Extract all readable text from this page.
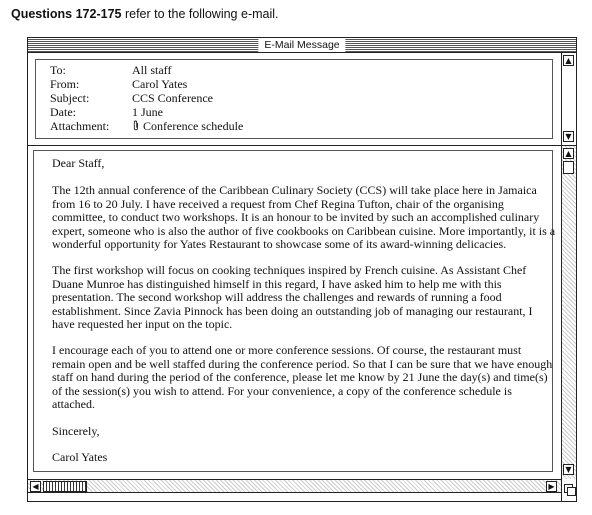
Questions 172-175 refer to the following e-mail.
E-Mail Message
To:	All staff
From:	Carol Yates
Subject:	CCS Conference
Date:	1 June
Attachment:	Conference schedule
▲
▼

Dear Staff,

The 12th annual conference of the Caribbean Culinary Society (CCS) will take place here in Jamaica from 16 to 20 July. I have received a request from Chef Regina Tufton, chair of the organising committee, to conduct two workshops. It is an honour to be invited by such an accomplished culinary expert, someone who is also the author of five cookbooks on Caribbean cuisine. More importantly, it is a wonderful opportunity for Yates Restaurant to showcase some of its award-winning delicacies.

The first workshop will focus on cooking techniques inspired by French cuisine. As Assistant Chef Duane Munroe has distinguished himself in this regard, I have asked him to help me with this presentation. The second workshop will address the challenges and rewards of running a food establishment. Since Zavia Pinnock has been doing an outstanding job of managing our restaurant, I have requested her input on the topic.

I encourage each of you to attend one or more conference sessions. Of course, the restaurant must remain open and be well staffed during the conference period. So that I can be sure that we have enough staff on hand during the period of the conference, please let me know by 21 June the day(s) and time(s) of the session(s) you wish to attend. For your convenience, a copy of the conference schedule is attached.

Sincerely,

Carol Yates

▲
▼
◀	▶
